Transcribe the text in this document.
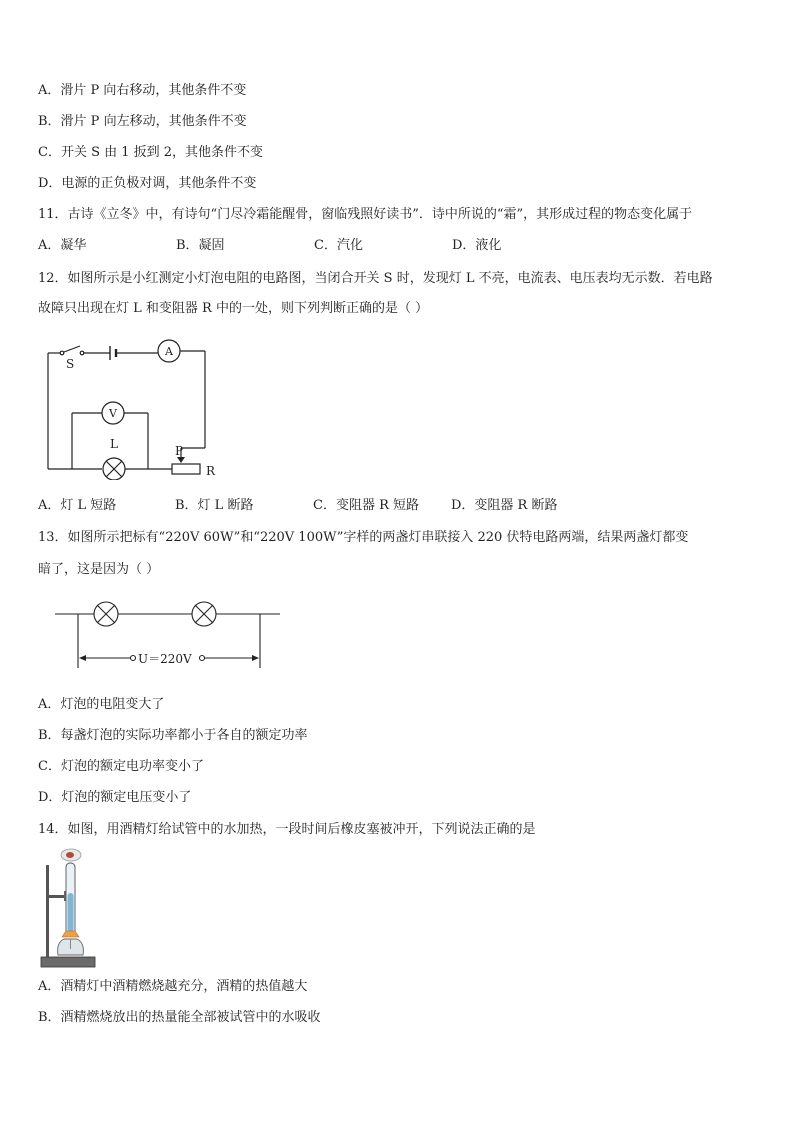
A．滑片 P 向右移动，其他条件不变
B．滑片 P 向左移动，其他条件不变
C．开关 S 由 1 扳到 2，其他条件不变
D．电源的正负极对调，其他条件不变
11．古诗《立冬》中，有诗句“门尽冷霜能醒骨，窗临残照好读书”．诗中所说的“霜”，其形成过程的物态变化属于
A．凝华	B．凝固	C．汽化	D．液化
12．如图所示是小红测定小灯泡电阻的电路图，当闭合开关 S 时，发现灯 L 不亮，电流表、电压表均无示数．若电路
故障只出现在灯 L 和变阻器 R 中的一处，则下列判断正确的是（ ）
S
A
V
L	P
R
A．灯 L 短路	B．灯 L 断路	C．变阻器 R 短路 D．变阻器 R 断路
13．如图所示把标有“220V 60W”和“220V 100W”字样的两盏灯串联接入 220 伏特电路两端，结果两盏灯都变
暗了，这是因为（ ）
U＝220V
A．灯泡的电阻变大了
B．每盏灯泡的实际功率都小于各自的额定功率
C．灯泡的额定电功率变小了
D．灯泡的额定电压变小了
14．如图，用酒精灯给试管中的水加热，一段时间后橡皮塞被冲开，下列说法正确的是
A．酒精灯中酒精燃烧越充分，酒精的热值越大
B．酒精燃烧放出的热量能全部被试管中的水吸收
